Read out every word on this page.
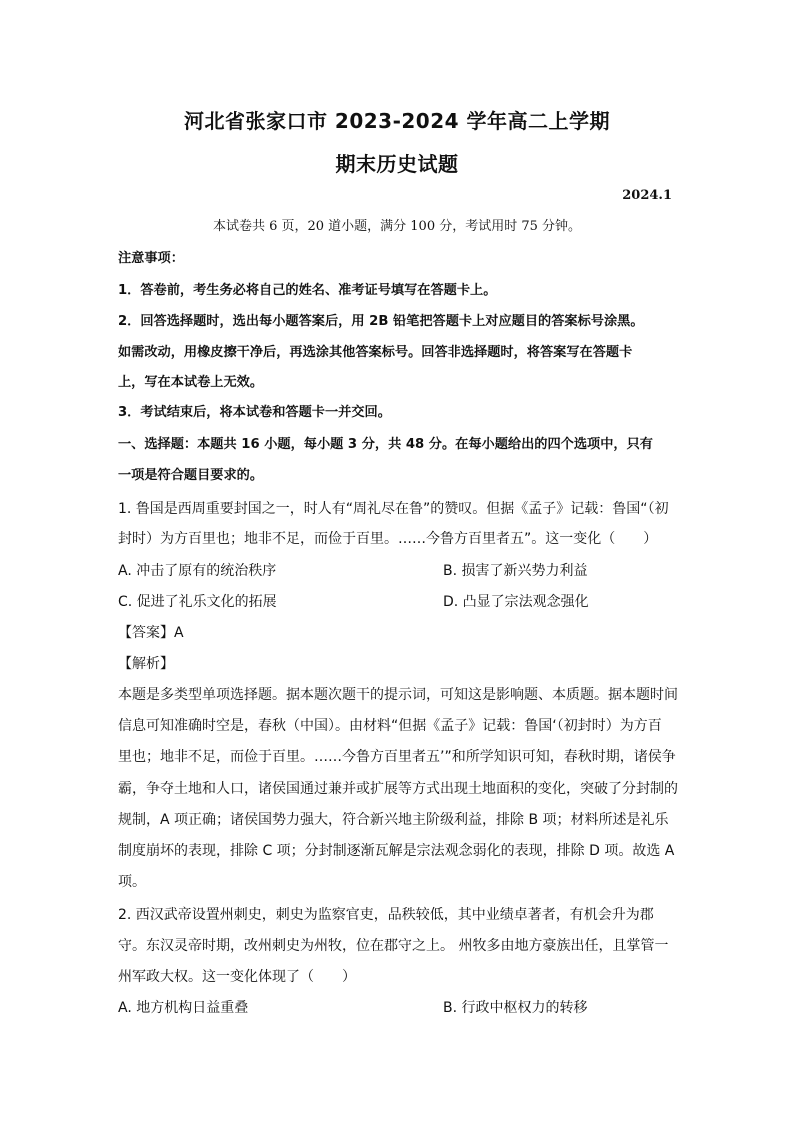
河北省张家口市 2023-2024 学年高二上学期
期末历史试题
2024.1
本试卷共 6 页，20 道小题，满分 100 分，考试用时 75 分钟。
注意事项：
1．答卷前，考生务必将自己的姓名、准考证号填写在答题卡上。
2．回答选择题时，选出每小题答案后，用 2B 铅笔把答题卡上对应题目的答案标号涂黑。
如需改动，用橡皮擦干净后，再选涂其他答案标号。回答非选择题时，将答案写在答题卡
上，写在本试卷上无效。
3．考试结束后，将本试卷和答题卡一并交回。
一、选择题：本题共 16 小题，每小题 3 分，共 48 分。在每小题给出的四个选项中，只有
一项是符合题目要求的。
1. 鲁国是西周重要封国之一，时人有“周礼尽在鲁”的赞叹。但据《孟子》记载：鲁国“（初
封时）为方百里也；地非不足，而俭于百里。……今鲁方百里者五”。这一变化（　　）
A. 冲击了原有的统治秩序	B. 损害了新兴势力利益
C. 促进了礼乐文化的拓展	D. 凸显了宗法观念强化
【答案】A
【解析】
本题是多类型单项选择题。据本题次题干的提示词，可知这是影响题、本质题。据本题时间
信息可知准确时空是，春秋（中国）。由材料“但据《孟子》记载：鲁国‘（初封时）为方百
里也；地非不足，而俭于百里。……今鲁方百里者五’”和所学知识可知，春秋时期，诸侯争
霸，争夺土地和人口，诸侯国通过兼并或扩展等方式出现土地面积的变化，突破了分封制的
规制，A 项正确；诸侯国势力强大，符合新兴地主阶级利益，排除 B 项；材料所述是礼乐
制度崩坏的表现，排除 C 项；分封制逐渐瓦解是宗法观念弱化的表现，排除 D 项。故选 A
项。
2. 西汉武帝设置州刺史，刺史为监察官吏，品秩较低，其中业绩卓著者，有机会升为郡
守。东汉灵帝时期，改州刺史为州牧，位在郡守之上。 州牧多由地方豪族出任，且掌管一
州军政大权。这一变化体现了（　　）
A. 地方机构日益重叠	B. 行政中枢权力的转移
